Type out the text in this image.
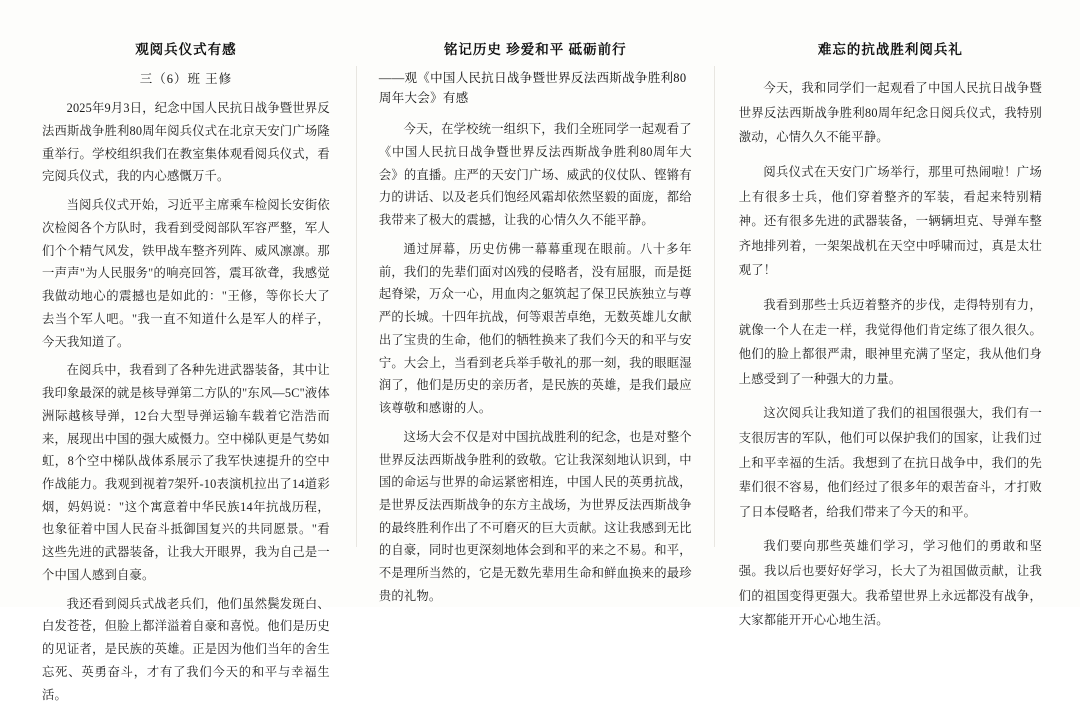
观阅兵仪式有感
三（6）班 王修

2025年9月3日，纪念中国人民抗日战争暨世界反法西斯战争胜利80周年阅兵仪式在北京天安门广场隆重举行。学校组织我们在教室集体观看阅兵仪式，看完阅兵仪式，我的内心感慨万千。

当阅兵仪式开始，习近平主席乘车检阅长安街依次检阅各个方队时，我看到受阅部队军容严整，军人们个个精气风发，铁甲战车整齐列阵、威风凛凛。那一声声"为人民服务"的响亮回答，震耳欲聋，我感觉我做动地心的震撼也是如此的："王修，等你长大了去当个军人吧。"我一直不知道什么是军人的样子，今天我知道了。

在阅兵中，我看到了各种先进武器装备，其中让我印象最深的就是核导弹第二方队的"东风—5C"液体洲际越核导弹，12台大型导弹运输车载着它浩浩而来，展现出中国的强大威慑力。空中梯队更是气势如虹，8个空中梯队战体系展示了我军快速提升的空中作战能力。我观到视着7架歼-10表演机拉出了14道彩烟，妈妈说："这个寓意着中华民族14年抗战历程，也象征着中国人民奋斗抵御国复兴的共同愿景。"看这些先进的武器装备，让我大开眼界，我为自己是一个中国人感到自豪。

我还看到阅兵式战老兵们，他们虽然鬓发斑白、白发苍苍，但脸上都洋溢着自豪和喜悦。他们是历史的见证者，是民族的英雄。正是因为他们当年的舍生忘死、英勇奋斗，才有了我们今天的和平与幸福生活。

铭记历史 珍爱和平 砥砺前行
——观《中国人民抗日战争暨世界反法西斯战争胜利80周年大会》有感

今天，在学校统一组织下，我们全班同学一起观看了《中国人民抗日战争暨世界反法西斯战争胜利80周年大会》的直播。庄严的天安门广场、威武的仪仗队、铿锵有力的讲话、以及老兵们饱经风霜却依然坚毅的面庞，都给我带来了极大的震撼，让我的心情久久不能平静。

通过屏幕，历史仿佛一幕幕重现在眼前。八十多年前，我们的先辈们面对凶残的侵略者，没有屈服，而是挺起脊梁，万众一心，用血肉之躯筑起了保卫民族独立与尊严的长城。十四年抗战，何等艰苦卓绝，无数英雄儿女献出了宝贵的生命，他们的牺牲换来了我们今天的和平与安宁。大会上，当看到老兵举手敬礼的那一刻，我的眼眶湿润了，他们是历史的亲历者，是民族的英雄，是我们最应该尊敬和感谢的人。

这场大会不仅是对中国抗战胜利的纪念，也是对整个世界反法西斯战争胜利的致敬。它让我深刻地认识到，中国的命运与世界的命运紧密相连，中国人民的英勇抗战，是世界反法西斯战争的东方主战场，为世界反法西斯战争的最终胜利作出了不可磨灭的巨大贡献。这让我感到无比的自豪，同时也更深刻地体会到和平的来之不易。和平，不是理所当然的，它是无数先辈用生命和鲜血换来的最珍贵的礼物。

难忘的抗战胜利阅兵礼

今天，我和同学们一起观看了中国人民抗日战争暨世界反法西斯战争胜利80周年纪念日阅兵仪式，我特别激动，心情久久不能平静。

阅兵仪式在天安门广场举行，那里可热闹啦！广场上有很多士兵，他们穿着整齐的军装，看起来特别精神。还有很多先进的武器装备，一辆辆坦克、导弹车整齐地排列着，一架架战机在天空中呼啸而过，真是太壮观了！

我看到那些士兵迈着整齐的步伐，走得特别有力，就像一个人在走一样，我觉得他们肯定练了很久很久。他们的脸上都很严肃，眼神里充满了坚定，我从他们身上感受到了一种强大的力量。

这次阅兵让我知道了我们的祖国很强大，我们有一支很厉害的军队，他们可以保护我们的国家，让我们过上和平幸福的生活。我想到了在抗日战争中，我们的先辈们很不容易，他们经过了很多年的艰苦奋斗，才打败了日本侵略者，给我们带来了今天的和平。

我们要向那些英雄们学习，学习他们的勇敢和坚强。我以后也要好好学习，长大了为祖国做贡献，让我们的祖国变得更强大。我希望世界上永远都没有战争，大家都能开开心心地生活。
